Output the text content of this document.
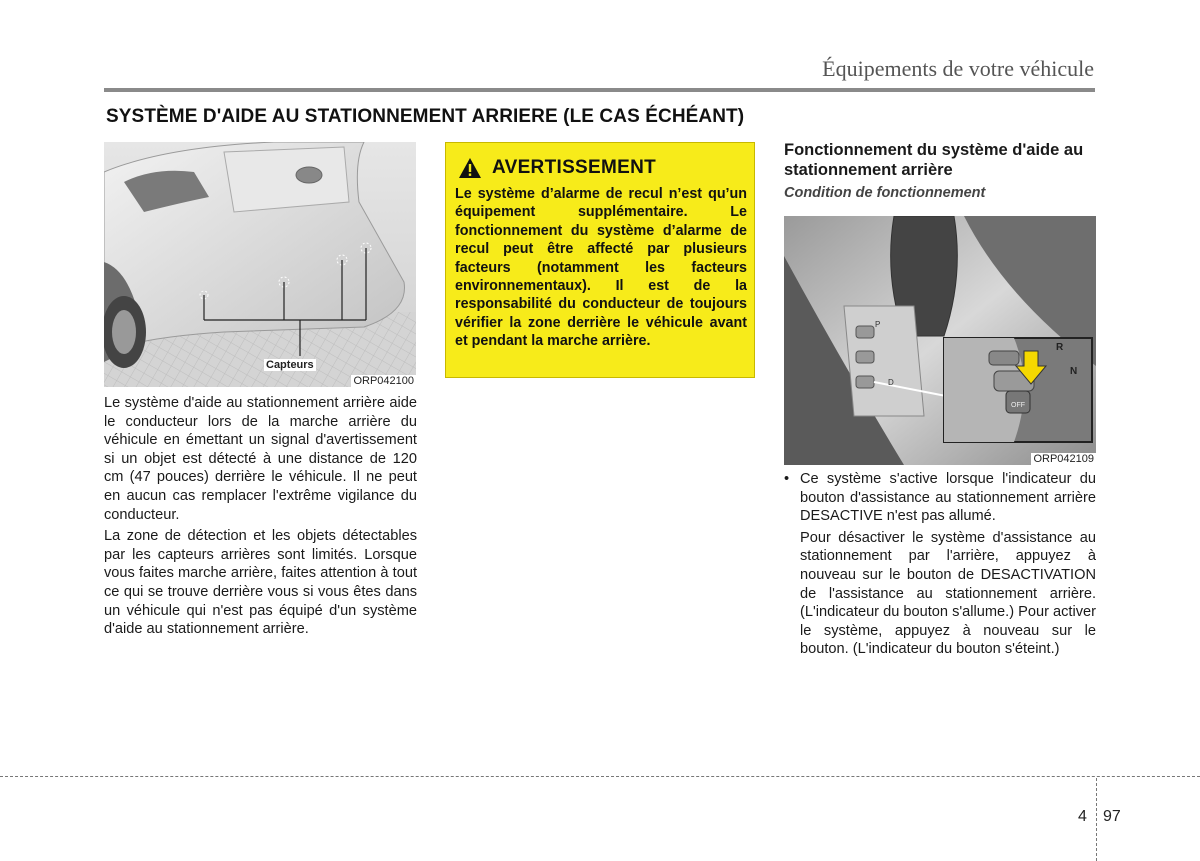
Équipements de votre véhicule
SYSTÈME D'AIDE AU STATIONNEMENT ARRIERE (LE CAS ÉCHÉANT)
Capteurs
ORP042100

Le système d'aide au stationnement arrière aide le conducteur lors de la marche arrière du véhicule en émettant un signal d'avertissement si un objet est détecté à une distance de 120 cm (47 pouces) derrière le véhicule. Il ne peut en aucun cas remplacer l'extrême vigilance du conducteur.

La zone de détection et les objets détectables par les capteurs arrières sont limités. Lorsque vous faites marche arrière, faites attention à tout ce qui se trouve derrière vous si vous êtes dans un véhicule qui n'est pas équipé d'un système d'aide au stationnement arrière.

AVERTISSEMENT

Le système d’alarme de recul n’est qu’un équipement supplémentaire. Le fonctionnement du système d’alarme de recul peut être affecté par plusieurs facteurs (notamment les facteurs environnementaux). Il est de la responsabilité du conducteur de toujours vérifier la zone derrière le véhicule avant et pendant la marche arrière.

Fonctionnement du système d'aide au stationnement arrière

Condition de fonctionnement
R
N
P
D
OFF
ORP042109
• Ce système s'active lorsque l'indicateur du bouton d'assistance au stationnement arrière DESACTIVE n'est pas allumé.

Pour désactiver le système d'assistance au stationnement par l'arrière, appuyez à nouveau sur le bouton de DESACTIVATION de l'assistance au stationnement arrière. (L'indicateur du bouton s'allume.) Pour activer le système, appuyez à nouveau sur le bouton. (L'indicateur du bouton s'éteint.)

4 97
